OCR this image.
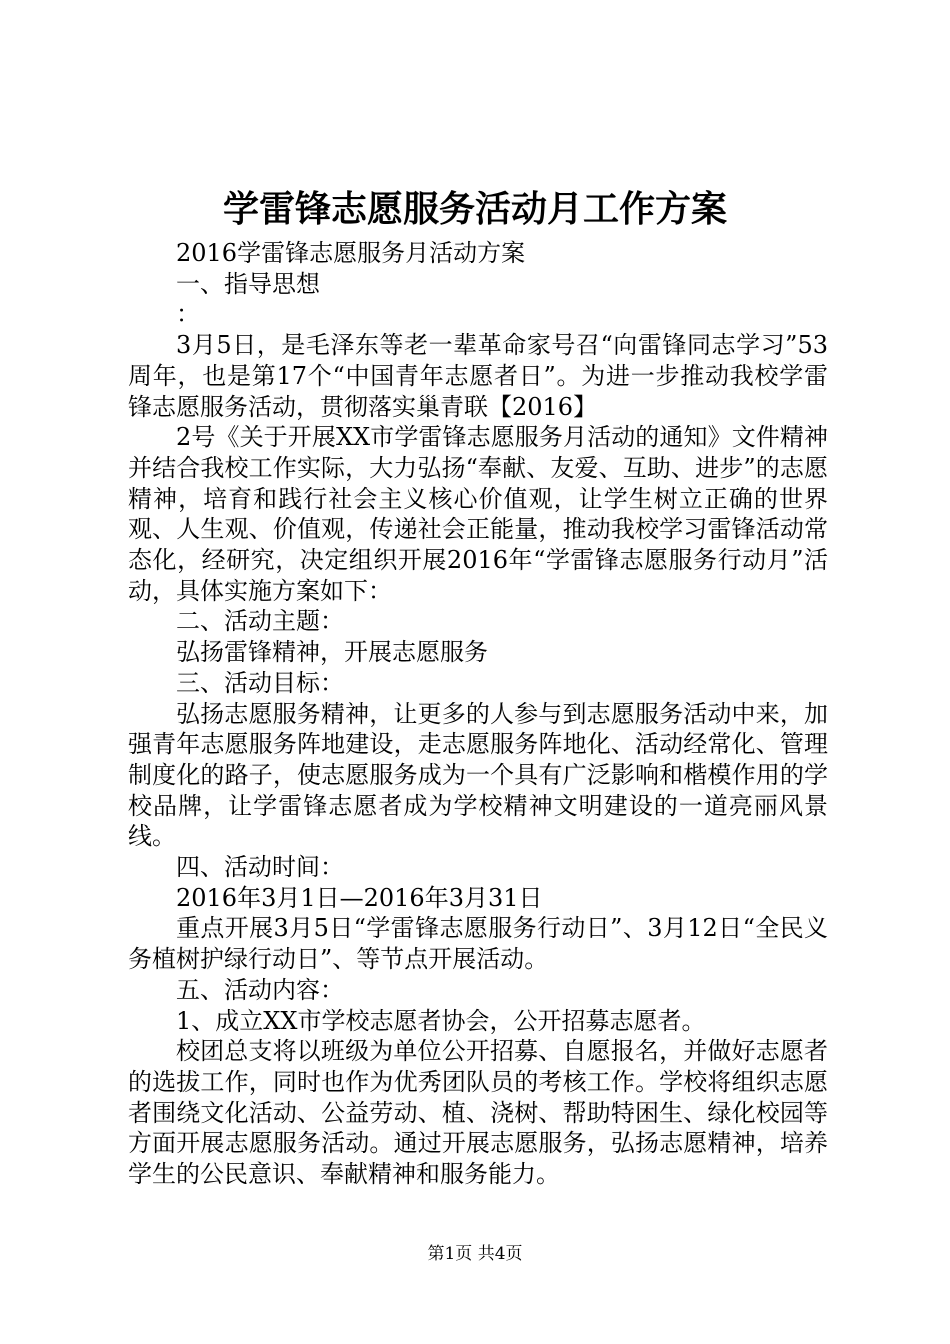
学雷锋志愿服务活动月工作方案

2016学雷锋志愿服务月活动方案

一、指导思想

：

3月5日，是毛泽东等老一辈革命家号召“向雷锋同志学习”53周年，也是第17个“中国青年志愿者日”。为进一步推动我校学雷锋志愿服务活动，贯彻落实巢青联【2016】

2号《关于开展XX市学雷锋志愿服务月活动的通知》文件精神并结合我校工作实际，大力弘扬“奉献、友爱、互助、进步”的志愿精神，培育和践行社会主义核心价值观，让学生树立正确的世界观、人生观、价值观，传递社会正能量，推动我校学习雷锋活动常态化，经研究，决定组织开展2016年“学雷锋志愿服务行动月”活动，具体实施方案如下：

二、活动主题：

弘扬雷锋精神，开展志愿服务

三、活动目标：

弘扬志愿服务精神，让更多的人参与到志愿服务活动中来，加强青年志愿服务阵地建设，走志愿服务阵地化、活动经常化、管理制度化的路子，使志愿服务成为一个具有广泛影响和楷模作用的学校品牌，让学雷锋志愿者成为学校精神文明建设的一道亮丽风景线。

四、活动时间：

2016年3月1日—2016年3月31日

重点开展3月5日“学雷锋志愿服务行动日”、3月12日“全民义务植树护绿行动日”、等节点开展活动。

五、活动内容：

1、成立XX市学校志愿者协会，公开招募志愿者。

校团总支将以班级为单位公开招募、自愿报名，并做好志愿者的选拔工作，同时也作为优秀团队员的考核工作。学校将组织志愿者围绕文化活动、公益劳动、植、浇树、帮助特困生、绿化校园等方面开展志愿服务活动。通过开展志愿服务，弘扬志愿精神，培养学生的公民意识、奉献精神和服务能力。

第1页 共4页
